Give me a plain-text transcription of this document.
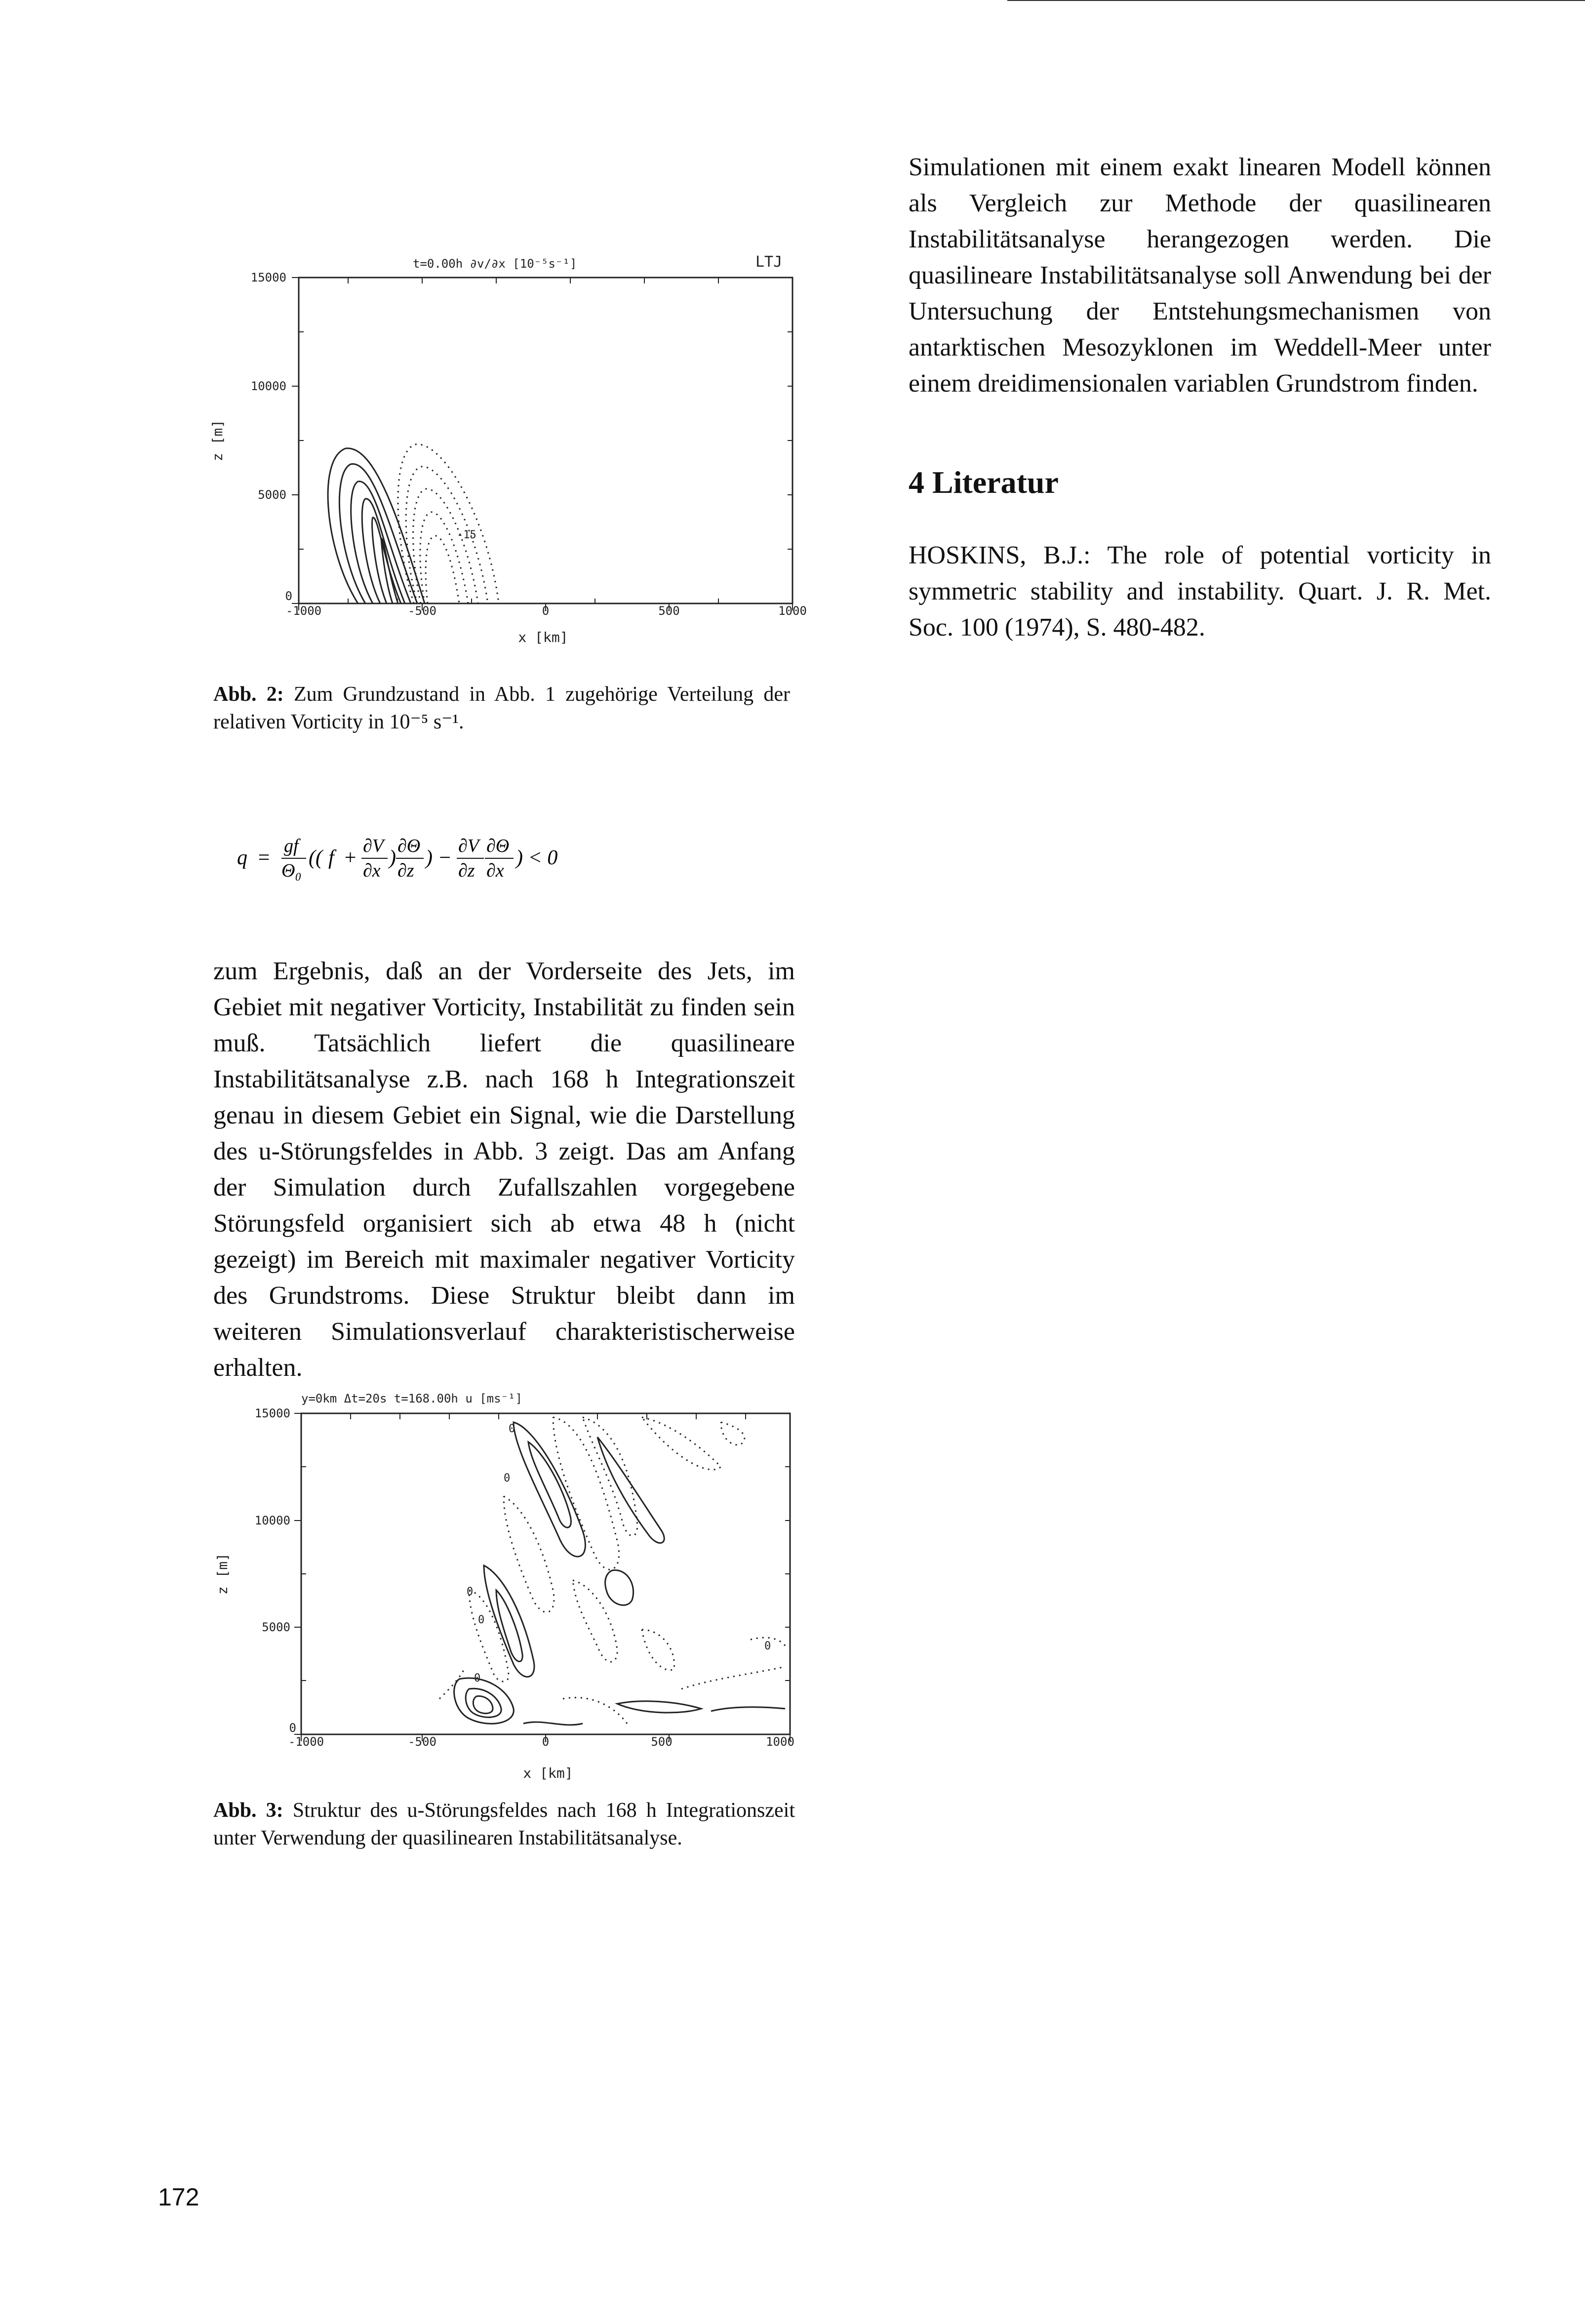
-15
t=0.00h ∂v/∂x [10⁻⁵s⁻¹]	LTJ
15000
10000
5000
0
-1000	-500	0	500	1000
x [km]
z [m]
Abb. 2: Zum Grundzustand in Abb. 1 zugehörige Verteilung der relativen Vorticity in 10⁻⁵ s⁻¹.
q =
gf
Θ₀
(( f +
∂V
∂x
)
∂Θ
∂z
) −
∂V
∂z
∂Θ
∂x
) < 0
zum Ergebnis, daß an der Vorderseite des Jets, im Gebiet mit negativer Vorticity, Instabilität zu finden sein muß. Tatsächlich liefert die quasilineare Instabilitätsanalyse z.B. nach 168 h Integrationszeit genau in diesem Gebiet ein Signal, wie die Darstellung des u-Störungsfeldes in Abb. 3 zeigt. Das am Anfang der Simulation durch Zufallszahlen vorgegebene Störungsfeld organisiert sich ab etwa 48 h (nicht gezeigt) im Bereich mit maximaler negativer Vorticity des Grundstroms. Diese Struktur bleibt dann im weiteren Simulationsverlauf charakteristischerweise erhalten.
0
0
0
0
0
0
y=0km Δt=20s t=168.00h u [ms⁻¹]
15000
10000
5000
0
-1000	-500	0	500	1000
x [km]
z [m]
Abb. 3: Struktur des u-Störungsfeldes nach 168 h Integrationszeit unter Verwendung der quasilinearen Instabilitätsanalyse.
Simulationen mit einem exakt linearen Modell können als Vergleich zur Methode der quasilinearen Instabilitätsanalyse herangezogen werden. Die quasilineare Instabilitätsanalyse soll Anwendung bei der Untersuchung der Entstehungsmechanismen von antarktischen Mesozyklonen im Weddell-Meer unter einem dreidimensionalen variablen Grundstrom finden.
4 Literatur
HOSKINS, B.J.: The role of potential vorticity in symmetric stability and instability. Quart. J. R. Met. Soc. 100 (1974), S. 480-482.
172
